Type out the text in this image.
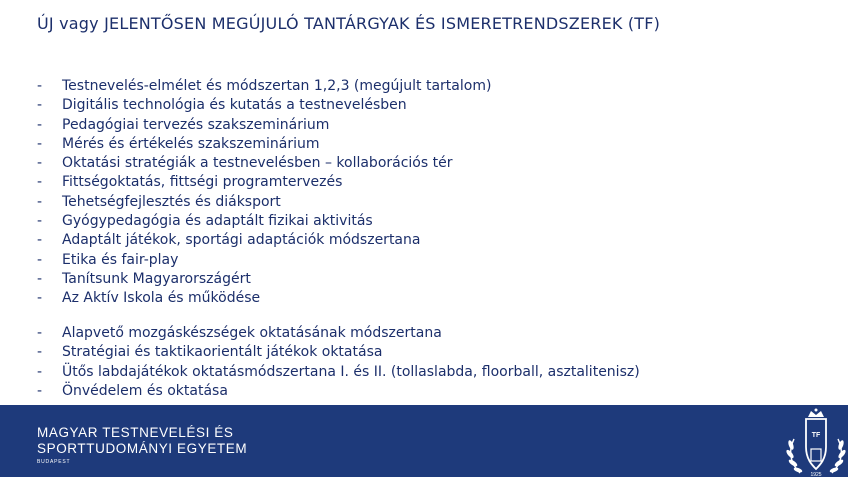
ÚJ vagy JELENTŐSEN MEGÚJULÓ TANTÁRGYAK ÉS ISMERETRENDSZEREK (TF)
- Testnevelés-elmélet és módszertan 1,2,3 (megújult tartalom)
- Digitális technológia és kutatás a testnevelésben
- Pedagógiai tervezés szakszeminárium
- Mérés és értékelés szakszeminárium
- Oktatási stratégiák a testnevelésben – kollaborációs tér
- Fittségoktatás, fittségi programtervezés
- Tehetségfejlesztés és diáksport
- Gyógypedagógia és adaptált fizikai aktivitás
- Adaptált játékok, sportági adaptációk módszertana
- Etika és fair-play
- Tanítsunk Magyarországért
- Az Aktív Iskola és működése
- Alapvető mozgáskészségek oktatásának módszertana
- Stratégiai és taktikaorientált játékok oktatása
- Ütős labdajátékok oktatásmódszertana I. és II. (tollaslabda, floorball, asztalitenisz)
- Önvédelem és oktatása
MAGYAR TESTNEVELÉSI ÉS
SPORTTUDOMÁNYI EGYETEM
BUDAPEST
TF
1925
